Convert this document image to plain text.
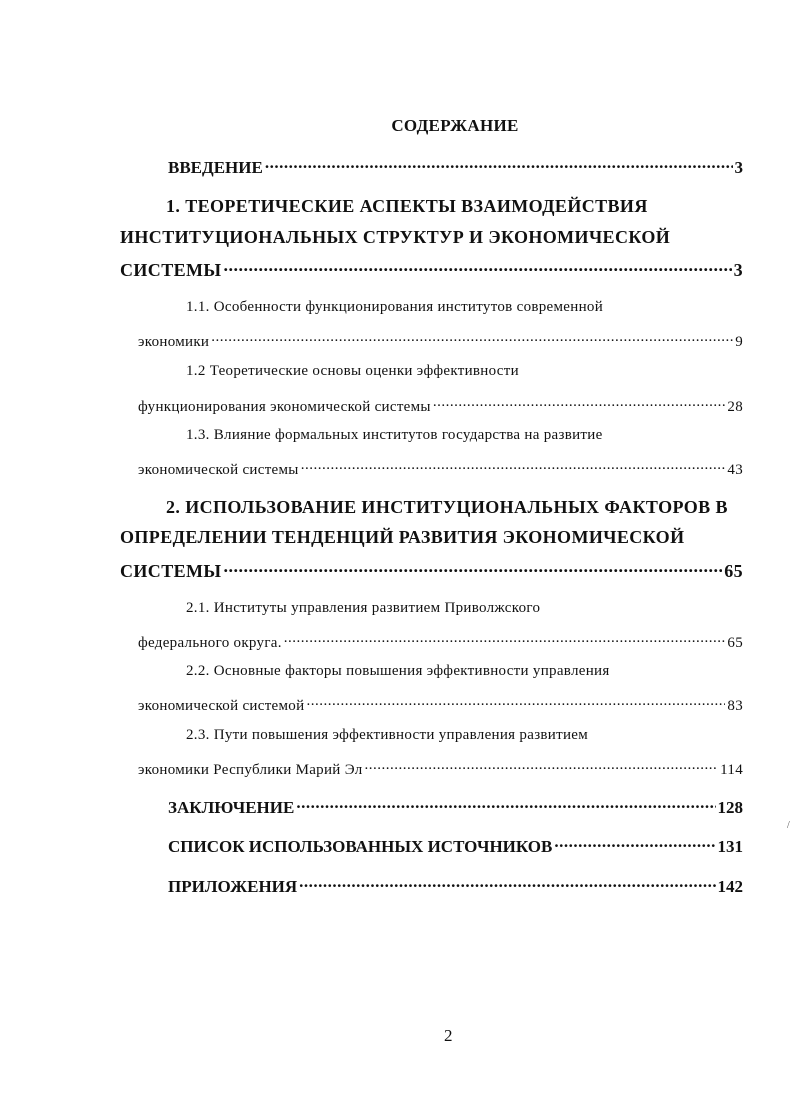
СОДЕРЖАНИЕ
ВВЕДЕНИЕ .....	3
1. ТЕОРЕТИЧЕСКИЕ АСПЕКТЫ ВЗАИМОДЕЙСТВИЯ
ИНСТИТУЦИОНАЛЬНЫХ СТРУКТУР И ЭКОНОМИЧЕСКОЙ
СИСТЕМЫ .....	3
1.1. Особенности функционирования институтов современной
экономики .....	9
1.2 Теоретические основы оценки эффективности
функционирования экономической системы .....	28
1.3. Влияние формальных институтов государства на развитие
экономической системы .....	43
2. ИСПОЛЬЗОВАНИЕ ИНСТИТУЦИОНАЛЬНЫХ ФАКТОРОВ В
ОПРЕДЕЛЕНИИ ТЕНДЕНЦИЙ РАЗВИТИЯ ЭКОНОМИЧЕСКОЙ
СИСТЕМЫ .....	65
2.1. Институты управления развитием Приволжского
федерального округа. .....	65
2.2. Основные факторы повышения эффективности управления
экономической системой .....	83
2.3. Пути повышения эффективности управления развитием
экономики Республики Марий Эл .....	114
ЗАКЛЮЧЕНИЕ .....	128
СПИСОК ИСПОЛЬЗОВАННЫХ ИСТОЧНИКОВ .....	131
ПРИЛОЖЕНИЯ .....	142
/
2
